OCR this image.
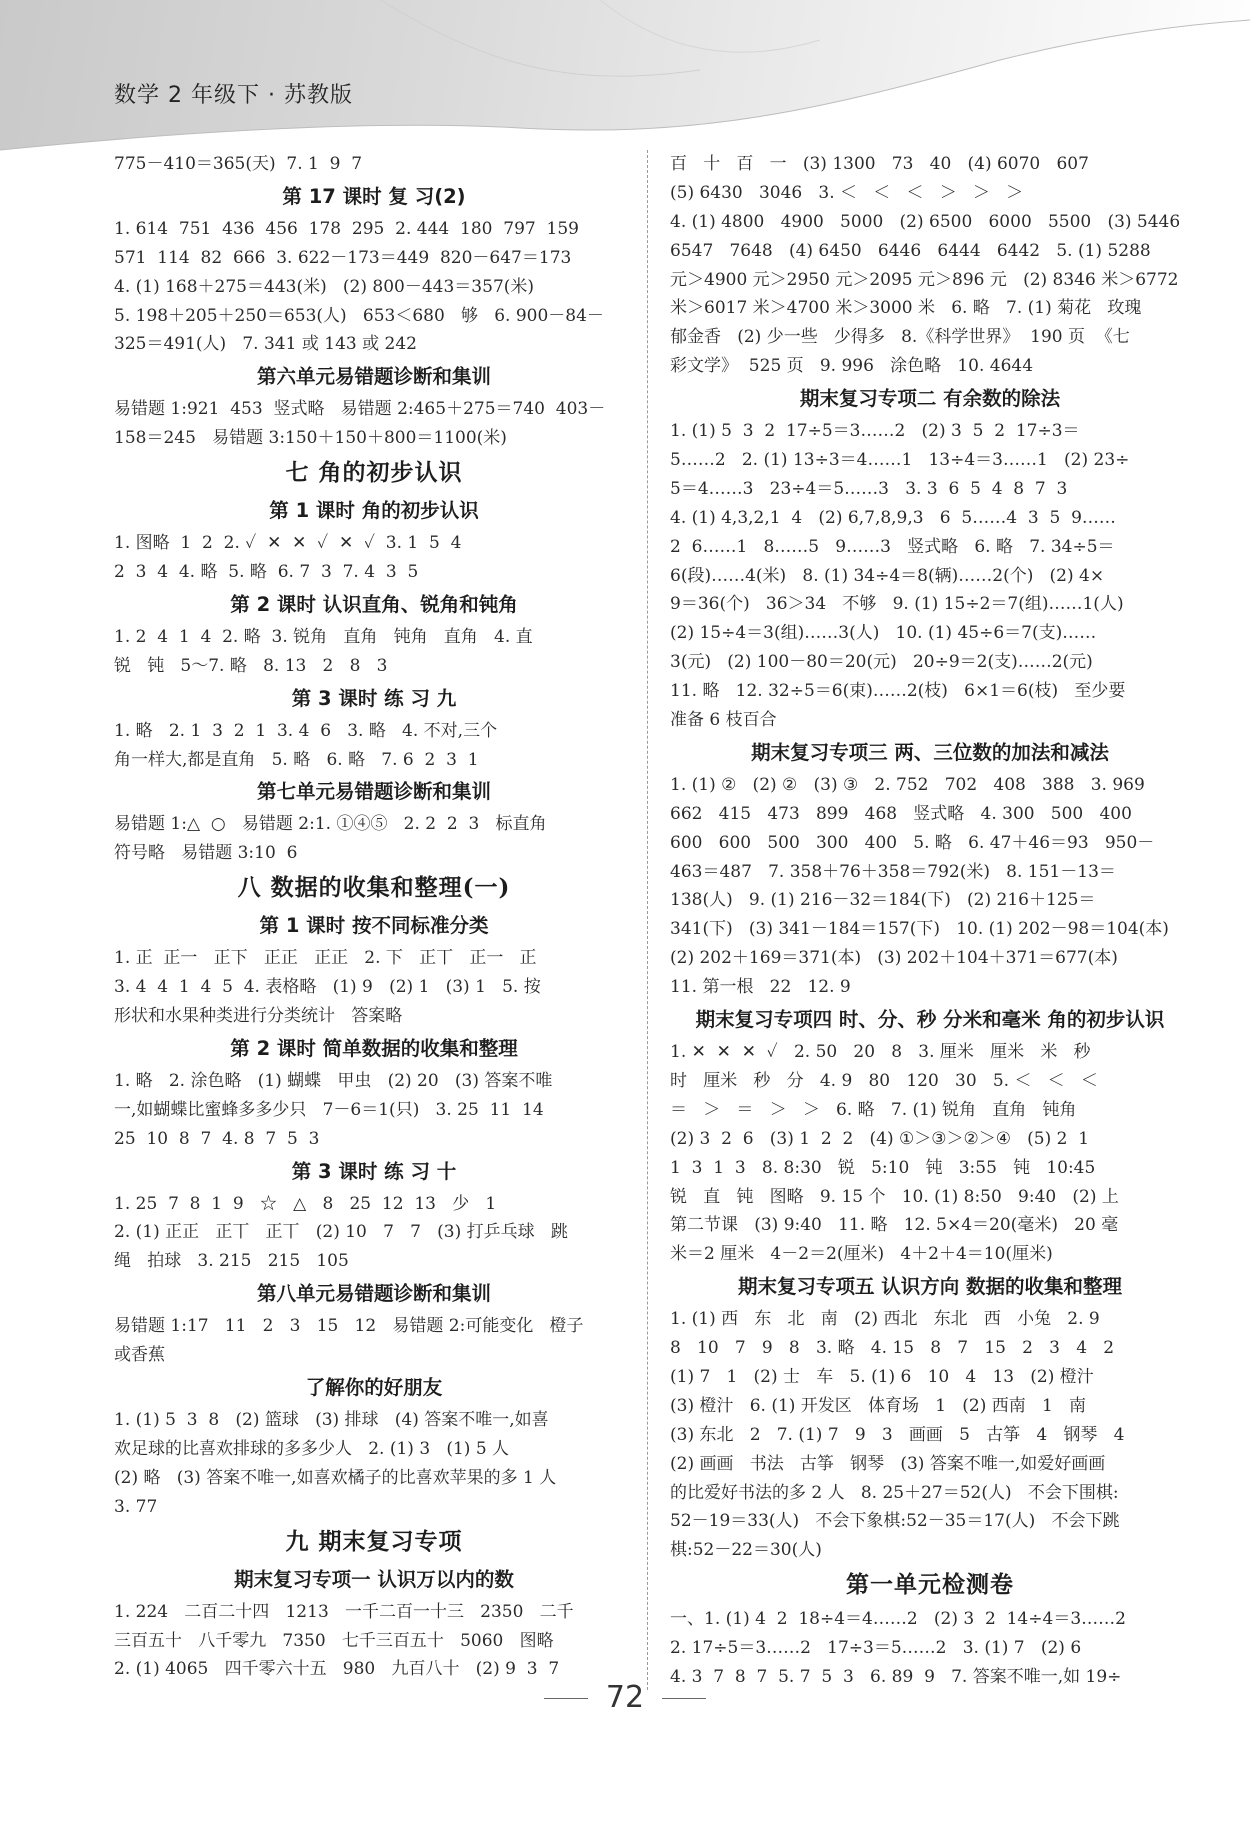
数学 2 年级下 · 苏教版
775－410＝365(天)  7. 1  9  7
第 17 课时 复 习(2)
1. 614  751  436  456  178  295  2. 444  180  797  159
571  114  82  666  3. 622－173＝449  820－647＝173
4. (1) 168＋275＝443(米)   (2) 800－443＝357(米)
5. 198＋205＋250＝653(人)   653＜680   够   6. 900－84－
325＝491(人)   7. 341 或 143 或 242
第六单元易错题诊断和集训
易错题 1:921  453  竖式略   易错题 2:465＋275＝740  403－
158＝245   易错题 3:150＋150＋800＝1100(米)
七 角的初步认识
第 1 课时 角的初步认识
1. 图略  1  2  2. ✓  ✕  ✕  ✓  ✕  ✓  3. 1  5  4
2  3  4  4. 略  5. 略  6. 7  3  7. 4  3  5
第 2 课时 认识直角、锐角和钝角
1. 2  4  1  4  2. 略  3. 锐角   直角   钝角   直角   4. 直
锐   钝   5～7. 略   8. 13   2   8   3
第 3 课时 练 习 九
1. 略   2. 1  3  2  1  3. 4  6   3. 略   4. 不对,三个
角一样大,都是直角   5. 略   6. 略   7. 6  2  3  1
第七单元易错题诊断和集训
易错题 1:△  ○   易错题 2:1. ①④⑤   2. 2  2  3   标直角
符号略   易错题 3:10  6
八 数据的收集和整理(一)
第 1 课时 按不同标准分类
1. 正  正一   正下   正正   正正   2. 下   正丅   正一   正
3. 4  4  1  4  5  4. 表格略   (1) 9   (2) 1   (3) 1   5. 按
形状和水果种类进行分类统计   答案略
第 2 课时 简单数据的收集和整理
1. 略   2. 涂色略   (1) 蝴蝶   甲虫   (2) 20   (3) 答案不唯
一,如蝴蝶比蜜蜂多多少只   7－6＝1(只)   3. 25  11  14
25  10  8  7  4. 8  7  5  3
第 3 课时 练 习 十
1. 25  7  8  1  9   ☆   △   8   25  12  13   少   1
2. (1) 正正   正丅   正丅   (2) 10   7   7   (3) 打乒乓球   跳
绳   拍球   3. 215   215   105
第八单元易错题诊断和集训
易错题 1:17   11   2   3   15   12   易错题 2:可能变化   橙子
或香蕉
了解你的好朋友
1. (1) 5  3  8   (2) 篮球   (3) 排球   (4) 答案不唯一,如喜
欢足球的比喜欢排球的多多少人   2. (1) 3   (1) 5 人
(2) 略   (3) 答案不唯一,如喜欢橘子的比喜欢苹果的多 1 人
3. 77
九 期末复习专项
期末复习专项一 认识万以内的数
1. 224   二百二十四   1213   一千二百一十三   2350   二千
三百五十   八千零九   7350   七千三百五十   5060   图略
2. (1) 4065   四千零六十五   980   九百八十   (2) 9  3  7
百   十   百   一   (3) 1300   73   40   (4) 6070   607
(5) 6430   3046   3. ＜   ＜   ＜   ＞   ＞   ＞
4. (1) 4800   4900   5000   (2) 6500   6000   5500   (3) 5446
6547   7648   (4) 6450   6446   6444   6442   5. (1) 5288
元＞4900 元＞2950 元＞2095 元＞896 元   (2) 8346 米＞6772
米＞6017 米＞4700 米＞3000 米   6. 略   7. (1) 菊花   玫瑰
郁金香   (2) 少一些   少得多   8.《科学世界》  190 页  《七
彩文学》  525 页   9. 996   涂色略   10. 4644
期末复习专项二 有余数的除法
1. (1) 5  3  2  17÷5＝3……2   (2) 3  5  2  17÷3＝
5……2   2. (1) 13÷3＝4……1   13÷4＝3……1   (2) 23÷
5＝4……3   23÷4＝5……3   3. 3  6  5  4  8  7  3
4. (1) 4,3,2,1  4   (2) 6,7,8,9,3   6  5……4  3  5  9……
2  6……1   8……5   9……3   竖式略   6. 略   7. 34÷5＝
6(段)……4(米)   8. (1) 34÷4＝8(辆)……2(个)   (2) 4×
9＝36(个)   36＞34   不够   9. (1) 15÷2＝7(组)……1(人)
(2) 15÷4＝3(组)……3(人)   10. (1) 45÷6＝7(支)……
3(元)   (2) 100－80＝20(元)   20÷9＝2(支)……2(元)
11. 略   12. 32÷5＝6(束)……2(枝)   6×1＝6(枝)   至少要
准备 6 枝百合
期末复习专项三 两、三位数的加法和减法
1. (1) ②   (2) ②   (3) ③   2. 752   702   408   388   3. 969
662   415   473   899   468   竖式略   4. 300   500   400
600   600   500   300   400   5. 略   6. 47＋46＝93   950－
463＝487   7. 358＋76＋358＝792(米)   8. 151－13＝
138(人)   9. (1) 216－32＝184(下)   (2) 216＋125＝
341(下)   (3) 341－184＝157(下)   10. (1) 202－98＝104(本)
(2) 202＋169＝371(本)   (3) 202＋104＋371＝677(本)
11. 第一根   22   12. 9
期末复习专项四 时、分、秒 分米和毫米 角的初步认识
1. ✕  ✕  ✕  ✓   2. 50   20   8   3. 厘米   厘米   米   秒
时   厘米   秒   分   4. 9   80   120   30   5. ＜   ＜   ＜
＝   ＞   ＝   ＞   ＞   6. 略   7. (1) 锐角   直角   钝角
(2) 3  2  6   (3) 1  2  2   (4) ①＞③＞②＞④   (5) 2  1
1  3  1  3   8. 8:30   锐   5:10   钝   3:55   钝   10:45
锐   直   钝   图略   9. 15 个   10. (1) 8:50   9:40   (2) 上
第二节课   (3) 9:40   11. 略   12. 5×4＝20(毫米)   20 毫
米＝2 厘米   4－2＝2(厘米)   4＋2＋4＝10(厘米)
期末复习专项五 认识方向 数据的收集和整理
1. (1) 西   东   北   南   (2) 西北   东北   西   小兔   2. 9
8   10   7   9   8   3. 略   4. 15   8   7   15   2   3   4   2
(1) 7   1   (2) 士   车   5. (1) 6   10   4   13   (2) 橙汁
(3) 橙汁   6. (1) 开发区   体育场   1   (2) 西南   1   南
(3) 东北   2   7. (1) 7   9   3   画画   5   古筝   4   钢琴   4
(2) 画画   书法   古筝   钢琴   (3) 答案不唯一,如爱好画画
的比爱好书法的多 2 人   8. 25＋27＝52(人)   不会下围棋:
52－19＝33(人)   不会下象棋:52－35＝17(人)   不会下跳
棋:52－22＝30(人)
第一单元检测卷
一、1. (1) 4  2  18÷4＝4……2   (2) 3  2  14÷4＝3……2
2. 17÷5＝3……2   17÷3＝5……2   3. (1) 7   (2) 6
4. 3  7  8  7  5. 7  5  3   6. 89  9   7. 答案不唯一,如 19÷
72
